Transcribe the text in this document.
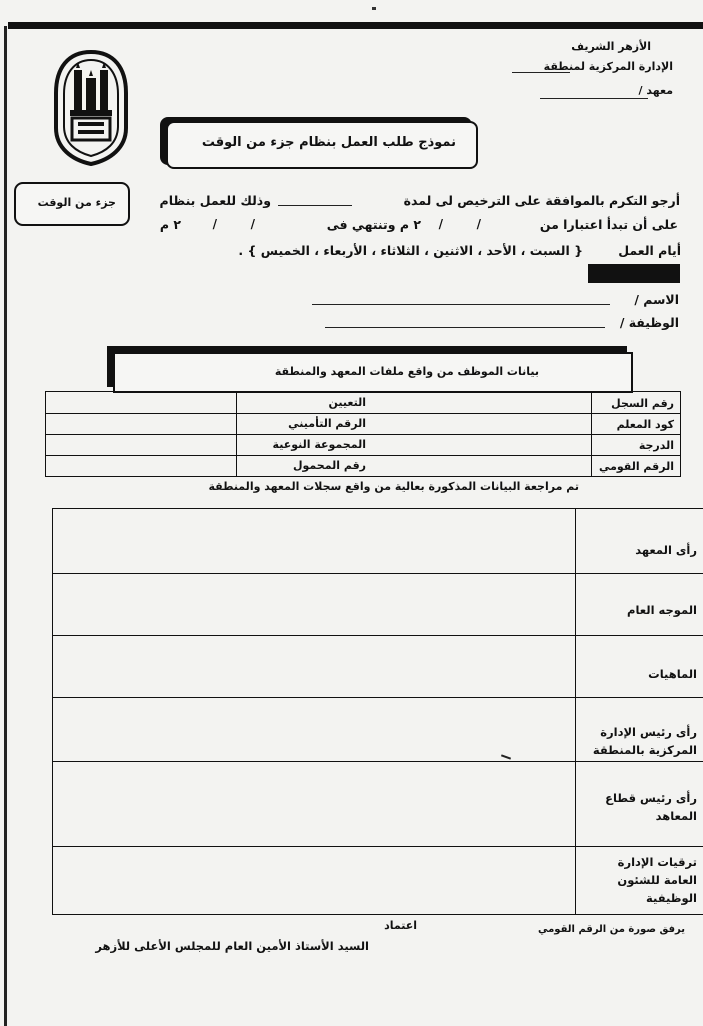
الأزهر الشريف
الإدارة المركزية لمنطقة
معهد /
نموذج طلب العمل بنظام جزء من الوقت
جزء من الوقت	أرجو التكرم بالموافقة على الترخيص لى لمدة
وذلك للعمل بنظام
على أن تبدأ اعتبارا من
/
/
٢ م وتنتهي فى
/
/
٢ م
أيام العمل
{ السبت ، الأحد ، الاثنين ، الثلاثاء ، الأربعاء ، الخميس } .
الاسم /
الوظيفة /
بيانات الموظف من واقع ملفات المعهد والمنطقة
رقم السجل
كود المعلم
الدرجة
الرقم القومي
التعيين
الرقم التأميني
المجموعة النوعية
رقم المحمول
تم مراجعة البيانات المذكورة بعالية من واقع سجلات المعهد والمنطقة
رأى المعهد
الموجه العام
الماهيات
رأى رئيس الإدارة
المركزية بالمنطقة
رأى رئيس قطاع
المعاهد
ترقيات الإدارة
العامة للشئون
الوظيفية
يرفق صورة من الرقم القومي
اعتماد
السيد الأستاذ الأمين العام للمجلس الأعلى للأزهر
